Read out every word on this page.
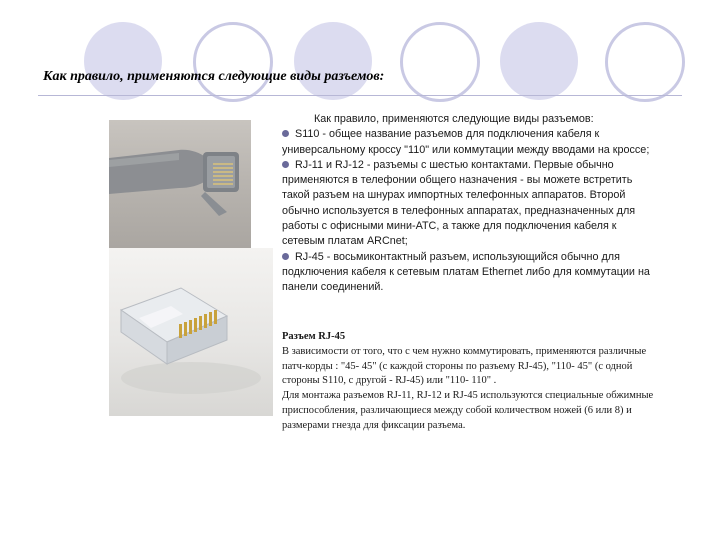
Как правило, применяются следующие виды разъемов:

Как правило, применяются следующие виды разъемов:

S110 - общее название разъемов для подключения кабеля к универсальному кроссу "110" или коммутации между вводами на кроссе;

RJ-11 и RJ-12 - разъемы с шестью контактами. Первые обычно применяются в телефонии общего назначения - вы можете встретить такой разъем на шнурах импортных телефонных аппаратов. Второй обычно используется в телефонных аппаратах, предназначенных для работы с офисными мини-АТС, а также для подключения кабеля к сетевым платам ARCnet;

RJ-45 - восьмиконтактный разъем, использующийся обычно для подключения кабеля к сетевым платам Ethernet либо для коммутации на панели соединений.

Разъем RJ-45

В зависимости от того, что с чем нужно коммутировать, применяются различные патч-корды : "45- 45" (с каждой стороны по разъему RJ-45), "110- 45" (с одной стороны S110, с другой - RJ-45) или "110- 110" .

Для монтажа разъемов RJ-11, RJ-12 и RJ-45 используются специальные обжимные приспособления, различающиеся между собой количеством ножей (6 или 8) и размерами гнезда для фиксации разъема.
